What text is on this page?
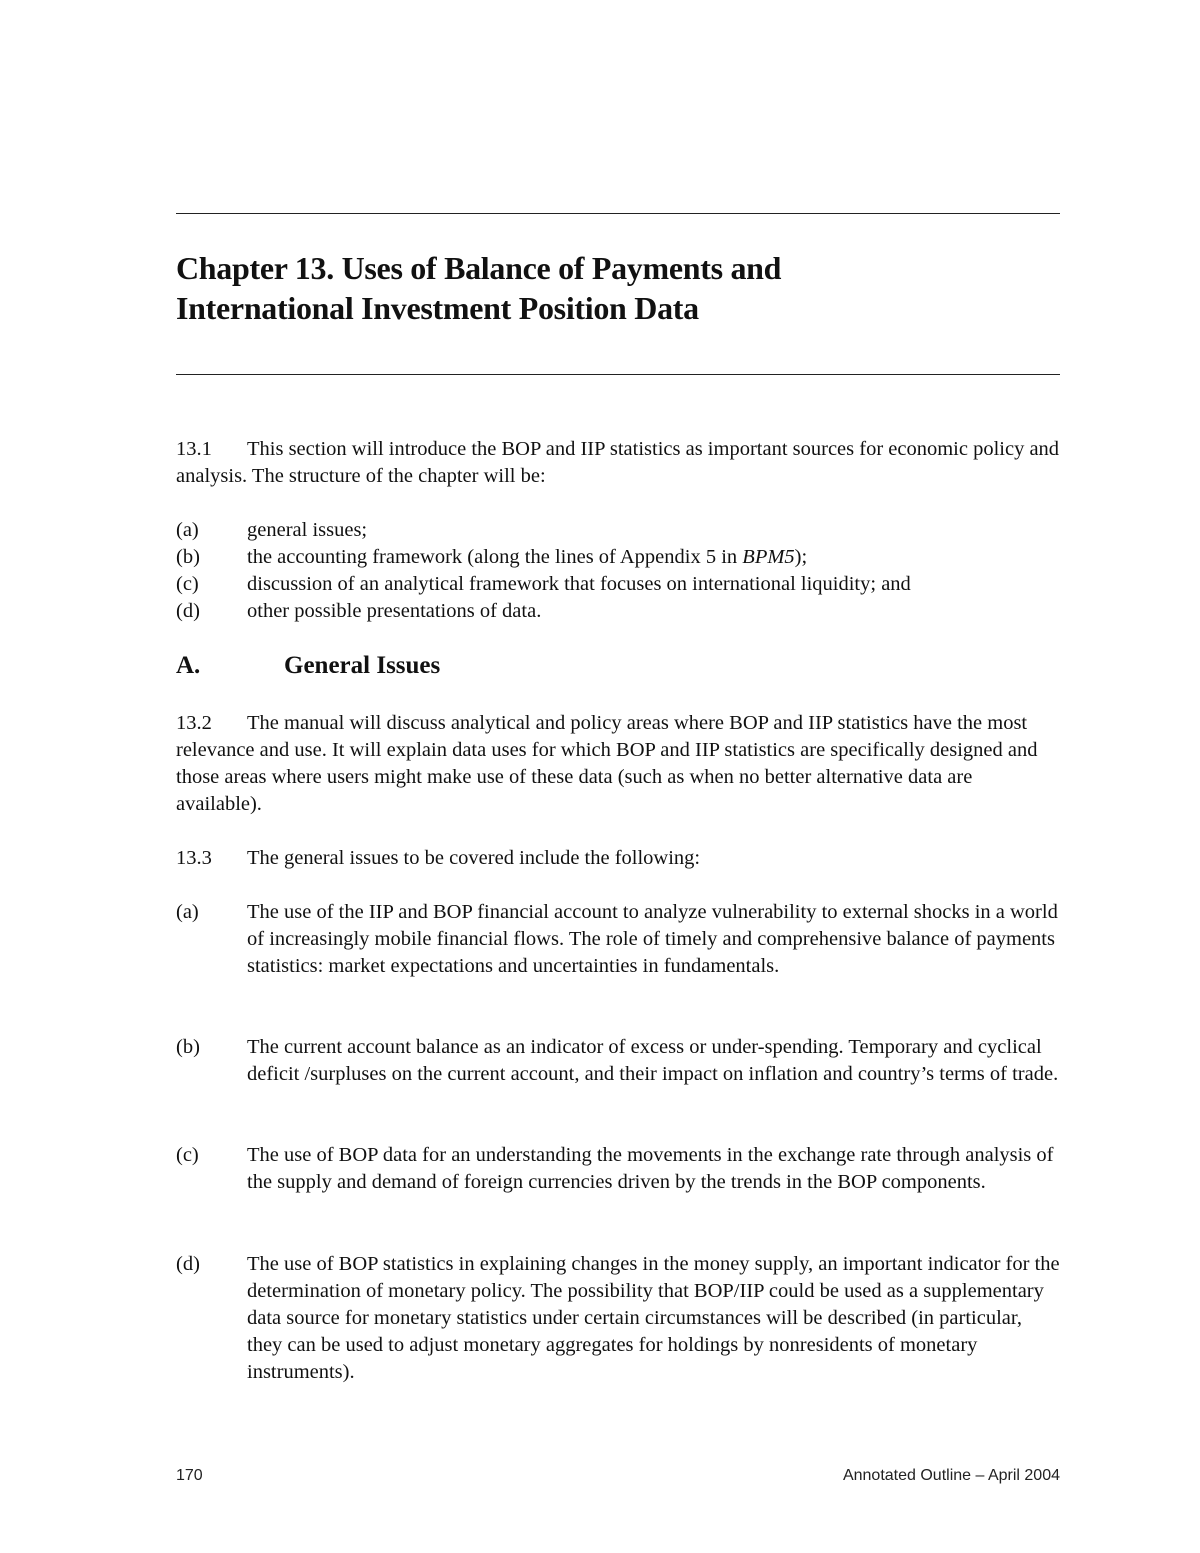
Chapter 13. Uses of Balance of Payments and
International Investment Position Data

13.1 This section will introduce the BOP and IIP statistics as important sources for economic policy and analysis. The structure of the chapter will be:

(a) general issues;
(b) the accounting framework (along the lines of Appendix 5 in BPM5);
(c) discussion of an analytical framework that focuses on international liquidity; and
(d) other possible presentations of data.
A.	General Issues

13.2 The manual will discuss analytical and policy areas where BOP and IIP statistics have the most relevance and use. It will explain data uses for which BOP and IIP statistics are specifically designed and those areas where users might make use of these data (such as when no better alternative data are available).

13.3 The general issues to be covered include the following:

(a) The use of the IIP and BOP financial account to analyze vulnerability to external shocks in a world of increasingly mobile financial flows. The role of timely and comprehensive balance of payments statistics: market expectations and uncertainties in fundamentals.
(b) The current account balance as an indicator of excess or under-spending. Temporary and cyclical deficit /surpluses on the current account, and their impact on inflation and country’s terms of trade.
(c) The use of BOP data for an understanding the movements in the exchange rate through analysis of the supply and demand of foreign currencies driven by the trends in the BOP components.
(d) The use of BOP statistics in explaining changes in the money supply, an important indicator for the determination of monetary policy. The possibility that BOP/IIP could be used as a supplementary data source for monetary statistics under certain circumstances will be described (in particular, they can be used to adjust monetary aggregates for holdings by nonresidents of monetary instruments).
170	Annotated Outline – April 2004
